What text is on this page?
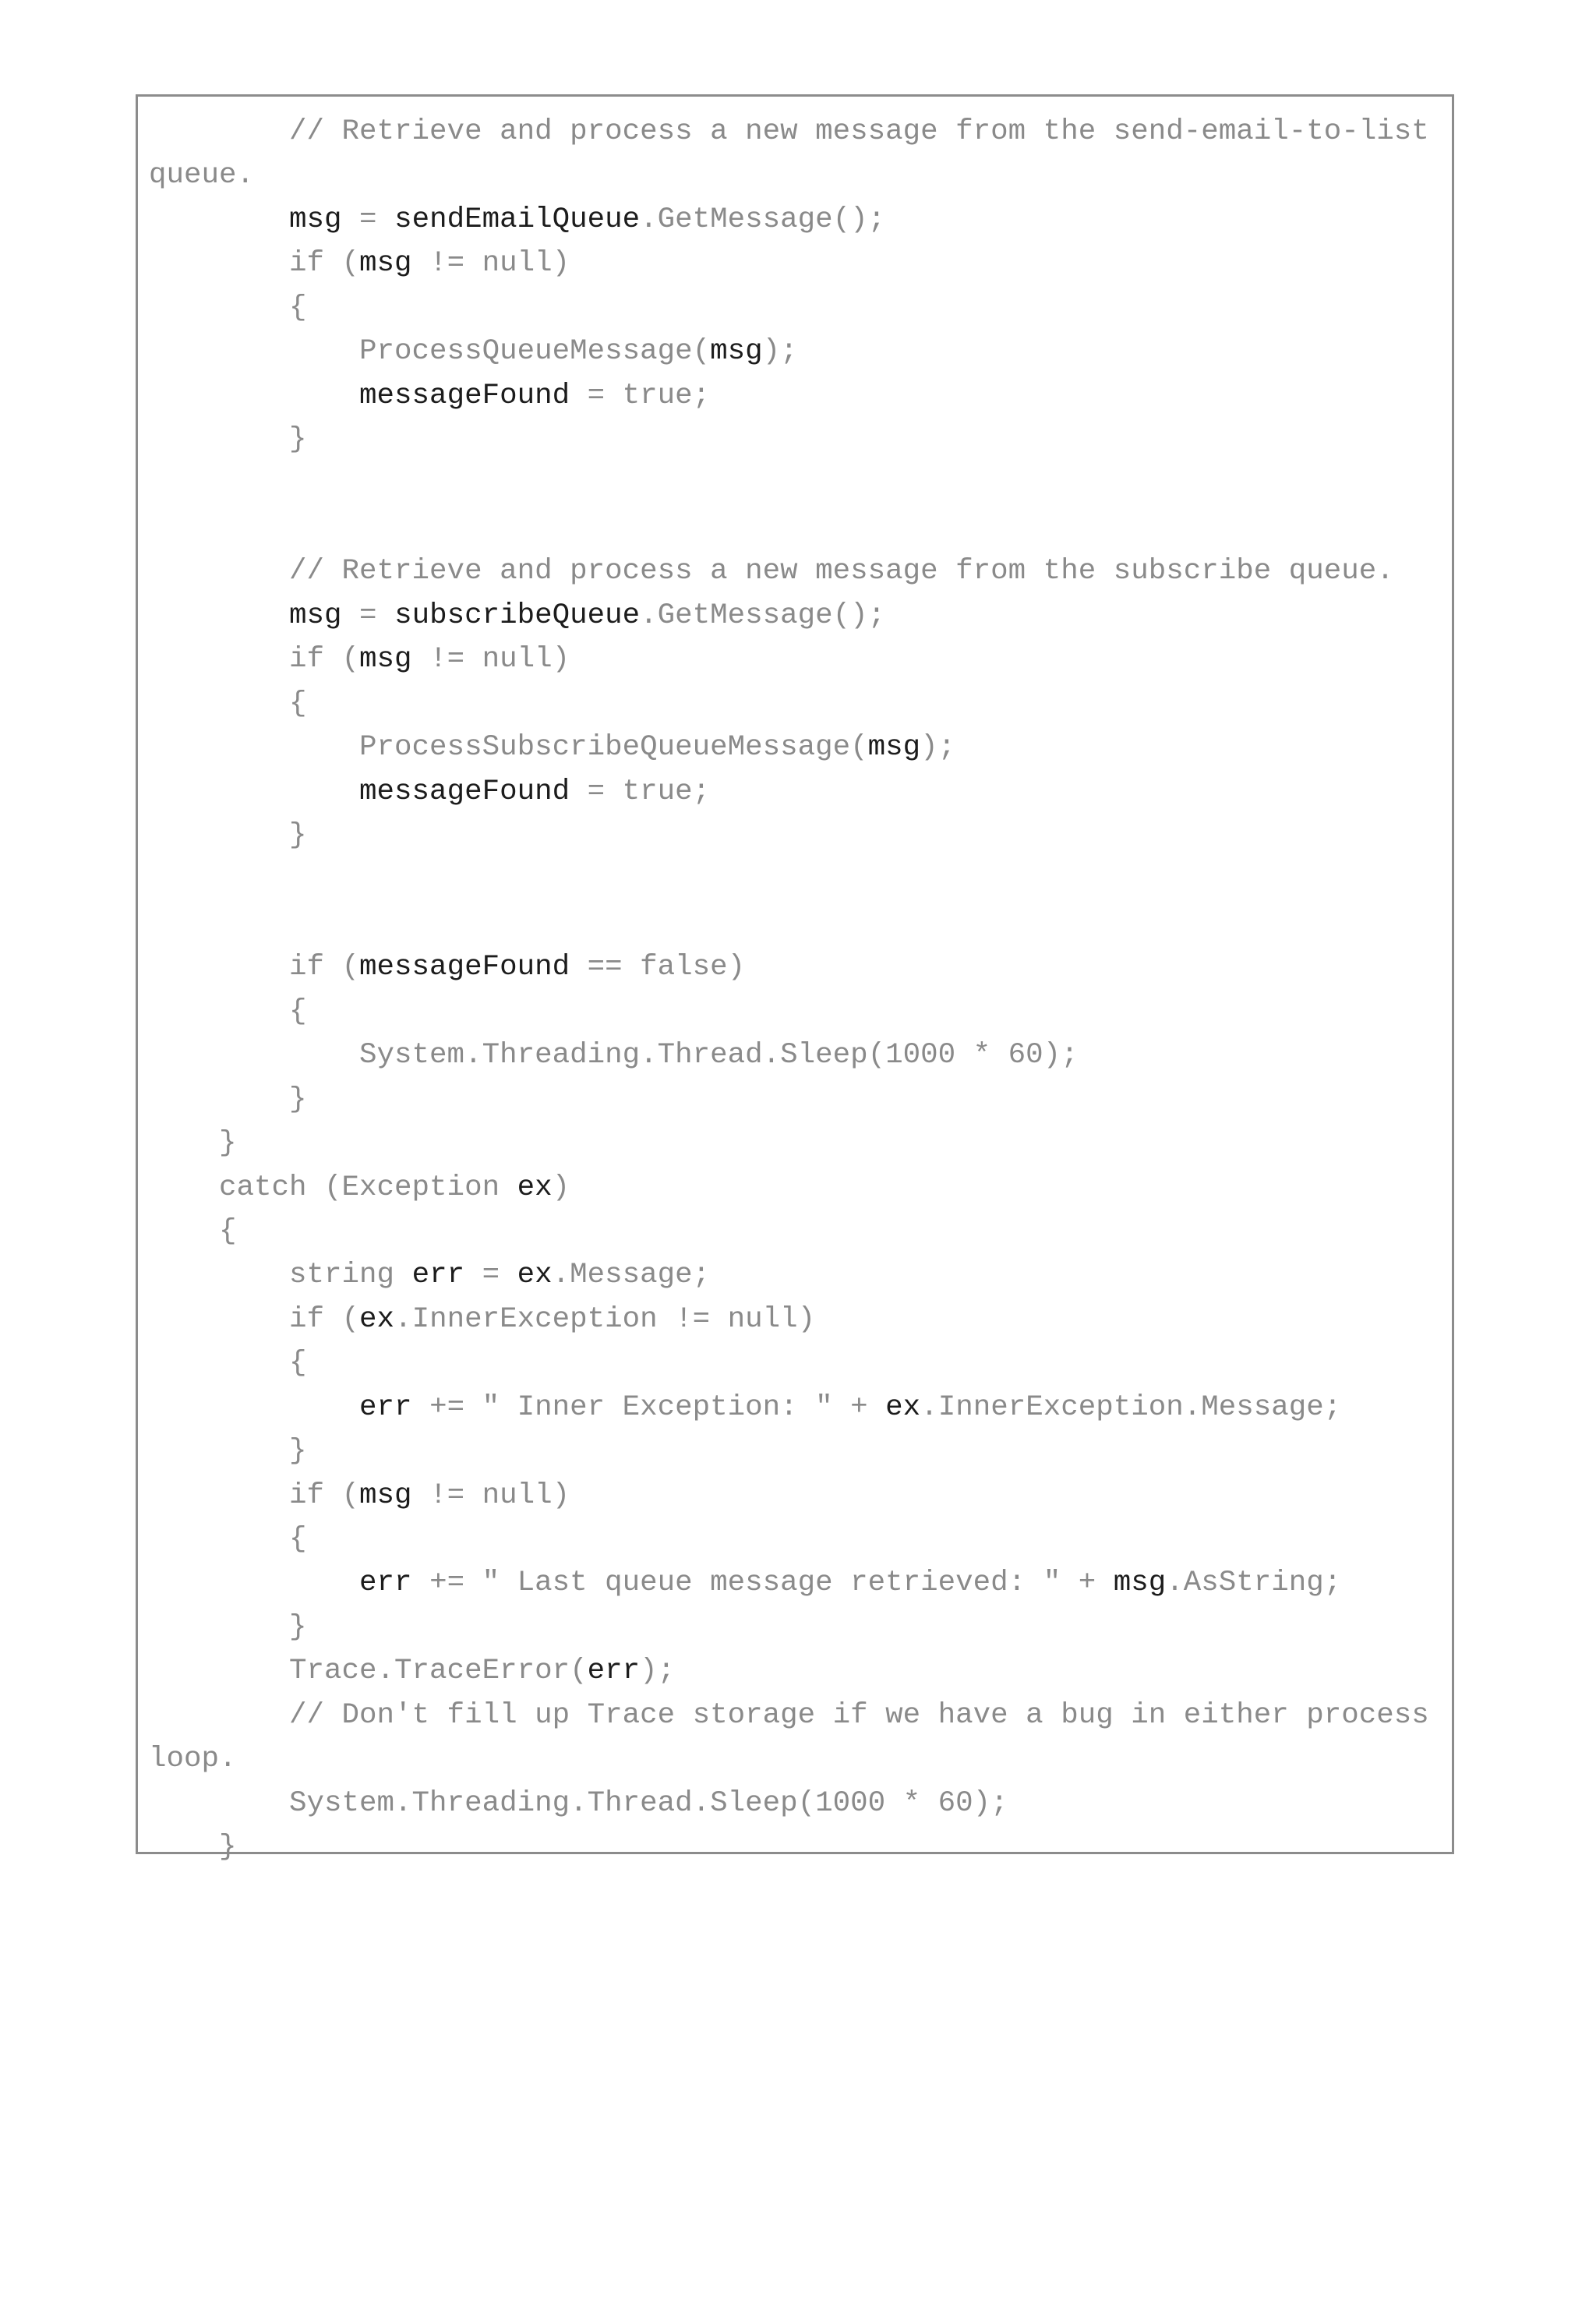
// Retrieve and process a new message from the send-email-to-list
queue.
msg = sendEmailQueue.GetMessage();
if (msg != null)
{
ProcessQueueMessage(msg);
messageFound = true;
}
// Retrieve and process a new message from the subscribe queue.
msg = subscribeQueue.GetMessage();
if (msg != null)
{
ProcessSubscribeQueueMessage(msg);
messageFound = true;
}
if (messageFound == false)
{
System.Threading.Thread.Sleep(1000 * 60);
}
}
catch (Exception ex)
{
string err = ex.Message;
if (ex.InnerException != null)
{
err += " Inner Exception: " + ex.InnerException.Message;
}
if (msg != null)
{
err += " Last queue message retrieved: " + msg.AsString;
}
Trace.TraceError(err);
// Don't fill up Trace storage if we have a bug in either process
loop.
System.Threading.Thread.Sleep(1000 * 60);
}
